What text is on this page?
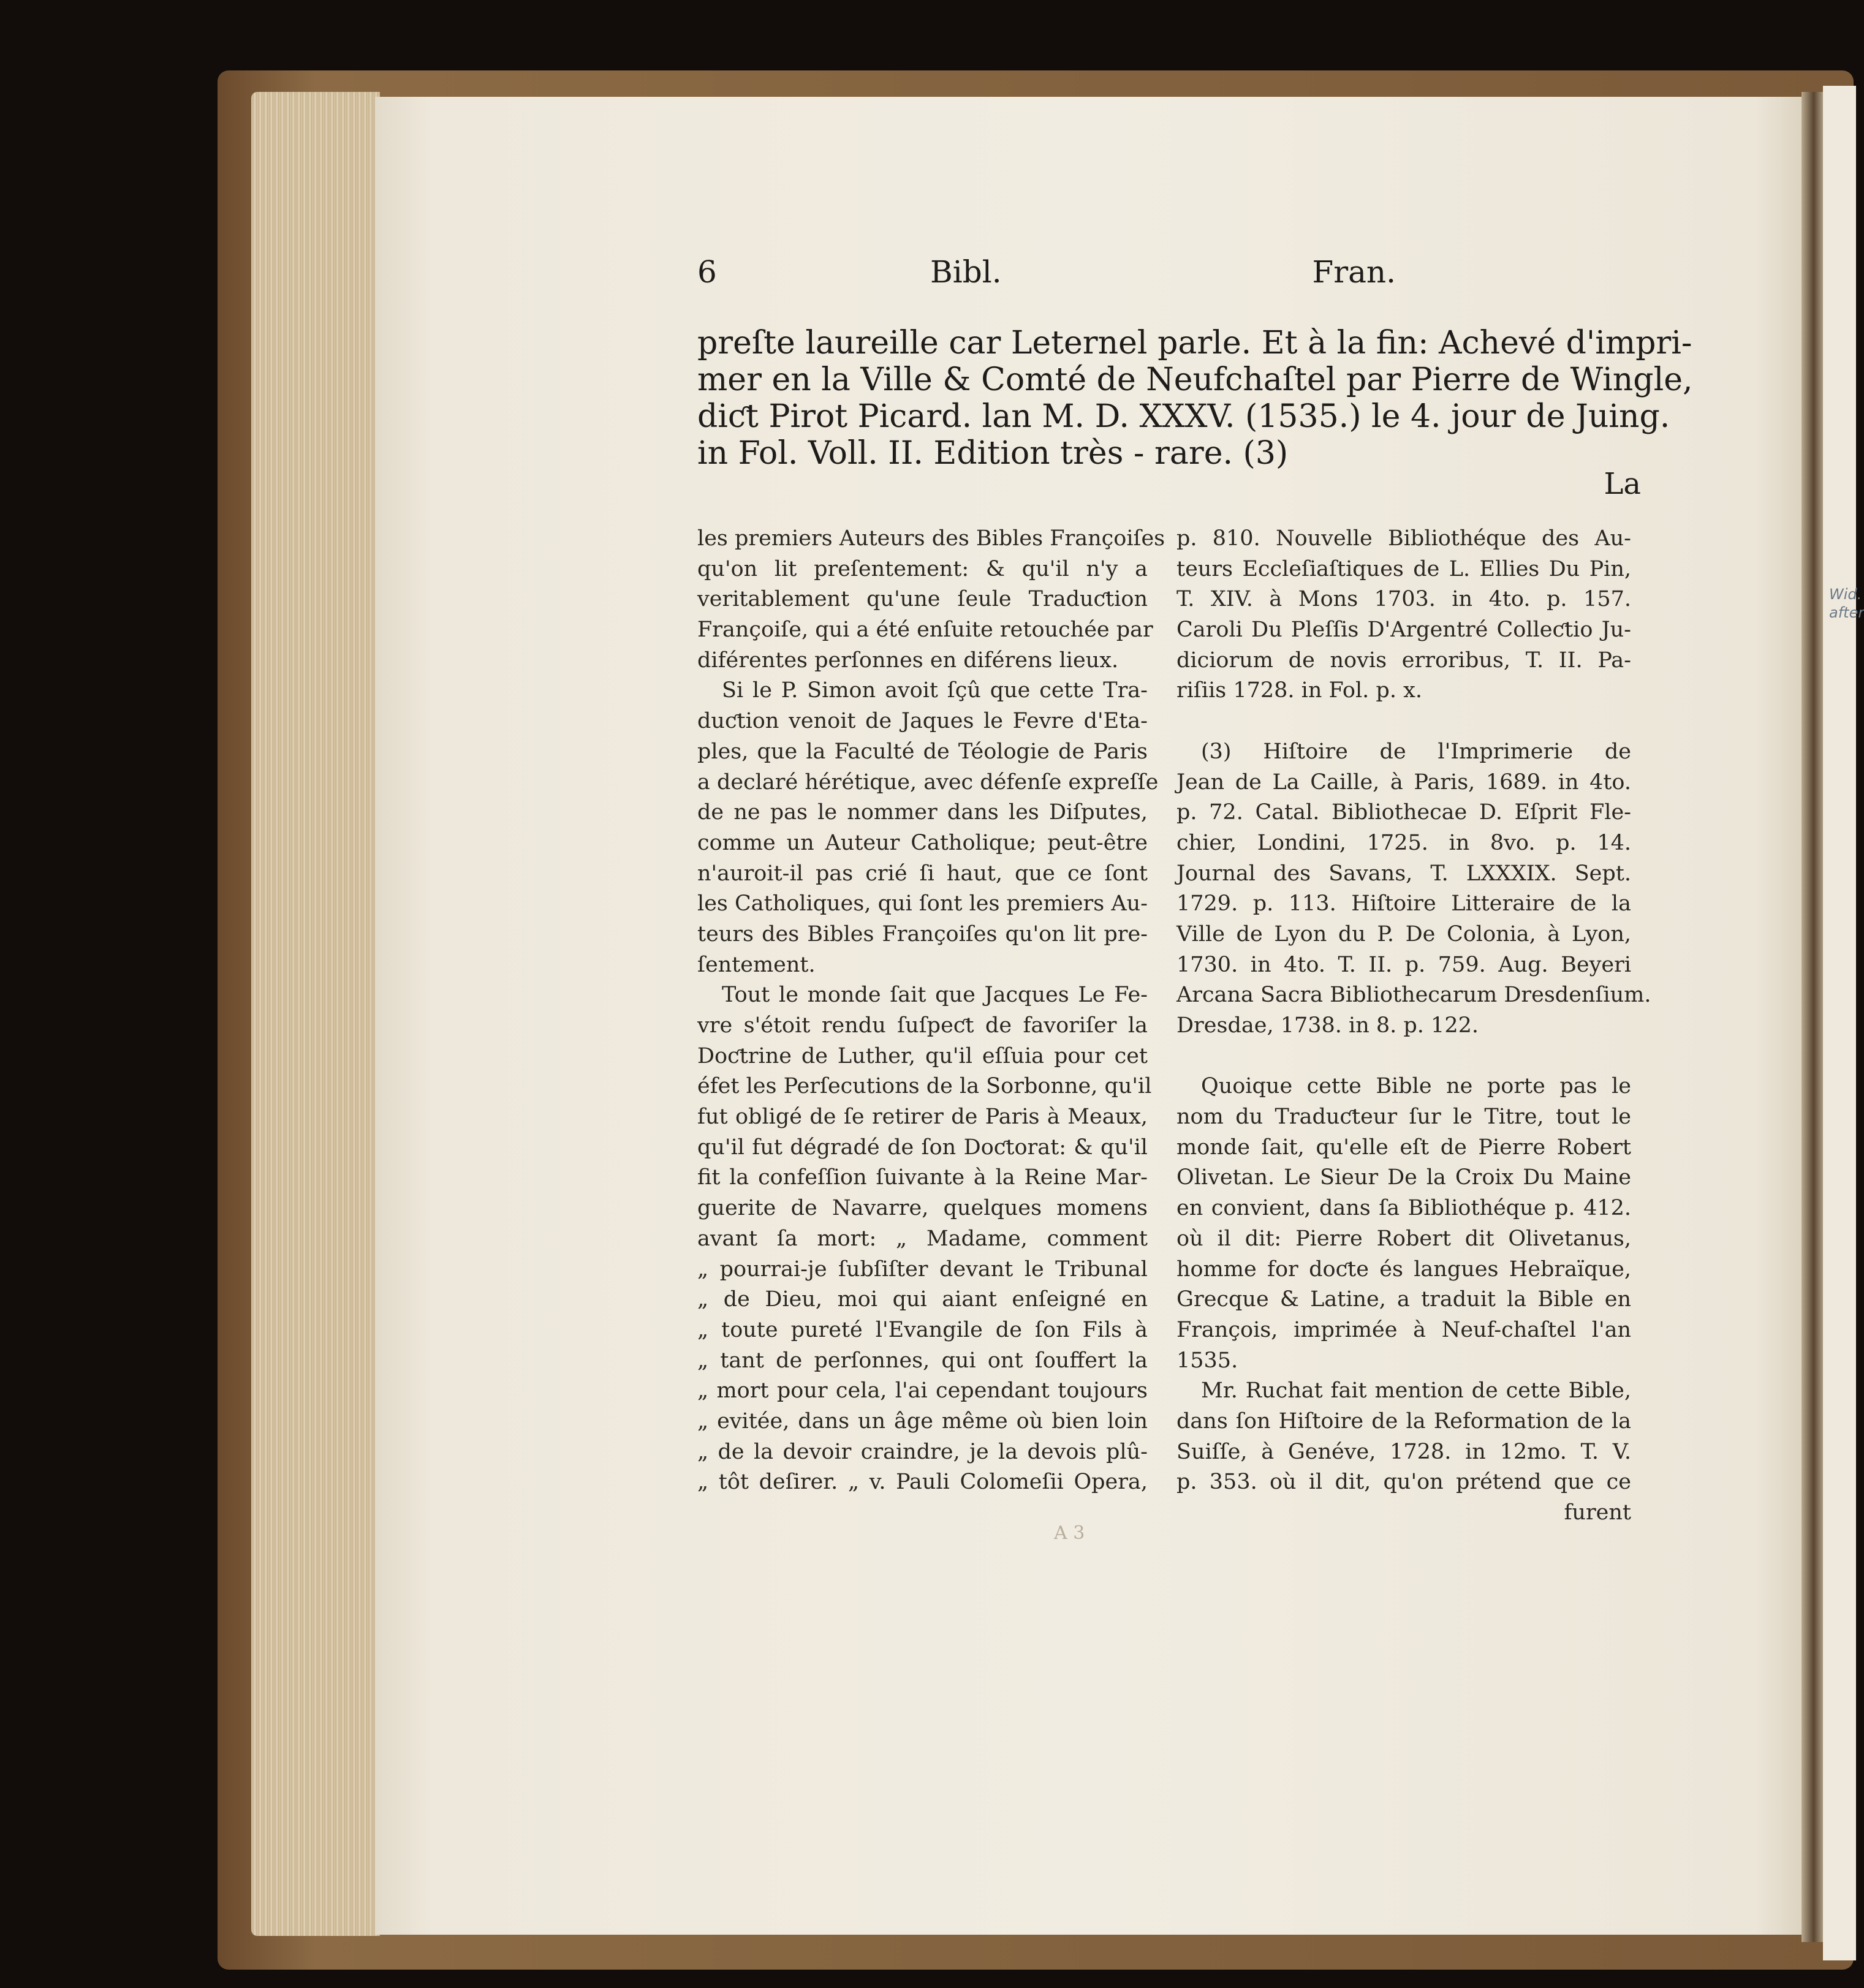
Wid. after
6	Bibl.	Fran.
preſte laureille car Leternel parle. Et à la fin: Achevé d'impri-
mer en la Ville & Comté de Neufchaſtel par Pierre de Wingle,
diƈt Pirot Picard. lan M. D. XXXV. (1535.) le 4. jour de Juing.
in Fol. Voll. II. Edition très - rare. (3)
La
les premiers Auteurs des Bibles Françoiſes
qu'on lit preſentement: & qu'il n'y a
veritablement qu'une ſeule Traduƈtion
Françoiſe, qui a été enſuite retouchée par
diférentes perſonnes en diférens lieux.
Si le P. Simon avoit ſçû que cette Tra-
duƈtion venoit de Jaques le Fevre d'Eta-
ples, que la Faculté de Téologie de Paris
a declaré hérétique, avec défenſe expreſſe
de ne pas le nommer dans les Diſputes,
comme un Auteur Catholique; peut-être
n'auroit-il pas crié ſi haut, que ce ſont
les Catholiques, qui ſont les premiers Au-
teurs des Bibles Françoiſes qu'on lit pre-
ſentement.
Tout le monde ſait que Jacques Le Fe-
vre s'étoit rendu ſuſpeƈt de favoriſer la
Doƈtrine de Luther, qu'il eſſuia pour cet
éfet les Perſecutions de la Sorbonne, qu'il
fut obligé de ſe retirer de Paris à Meaux,
qu'il fut dégradé de ſon Doƈtorat: & qu'il
fit la confeſſion ſuivante à la Reine Mar-
guerite de Navarre, quelques momens
avant ſa mort: „ Madame, comment
„ pourrai-je ſubſiſter devant le Tribunal
„ de Dieu, moi qui aiant enſeigné en
„ toute pureté l'Evangile de ſon Fils à
„ tant de perſonnes, qui ont ſouffert la
„ mort pour cela, l'ai cependant toujours
„ evitée, dans un âge même où bien loin
„ de la devoir craindre, je la devois plû-
„ tôt deſirer. „ v. Pauli Colomeſii Opera,
p. 810. Nouvelle Bibliothéque des Au-
teurs Eccleſiaſtiques de L. Ellies Du Pin,
T. XIV. à Mons 1703. in 4to. p. 157.
Caroli Du Pleſſis D'Argentré Colleƈtio Ju-
diciorum de novis erroribus, T. II. Pa-
riſiis 1728. in Fol. p. x.
(3) Hiſtoire de l'Imprimerie de
Jean de La Caille, à Paris, 1689. in 4to.
p. 72. Catal. Bibliothecae D. Eſprit Fle-
chier, Londini, 1725. in 8vo. p. 14.
Journal des Savans, T. LXXXIX. Sept.
1729. p. 113. Hiſtoire Litteraire de la
Ville de Lyon du P. De Colonia, à Lyon,
1730. in 4to. T. II. p. 759. Aug. Beyeri
Arcana Sacra Bibliothecarum Dresdenſium.
Dresdae, 1738. in 8. p. 122.
Quoique cette Bible ne porte pas le
nom du Traduƈteur ſur le Titre, tout le
monde ſait, qu'elle eſt de Pierre Robert
Olivetan. Le Sieur De la Croix Du Maine
en convient, dans ſa Bibliothéque p. 412.
où il dit: Pierre Robert dit Olivetanus,
homme for doƈte és langues Hebraïque,
Grecque & Latine, a traduit la Bible en
François, imprimée à Neuf-chaſtel l'an
1535.
Mr. Ruchat fait mention de cette Bible,
dans ſon Hiſtoire de la Reformation de la
Suiſſe, à Genéve, 1728. in 12mo. T. V.
p. 353. où il dit, qu'on prétend que ce
furent
A 3
